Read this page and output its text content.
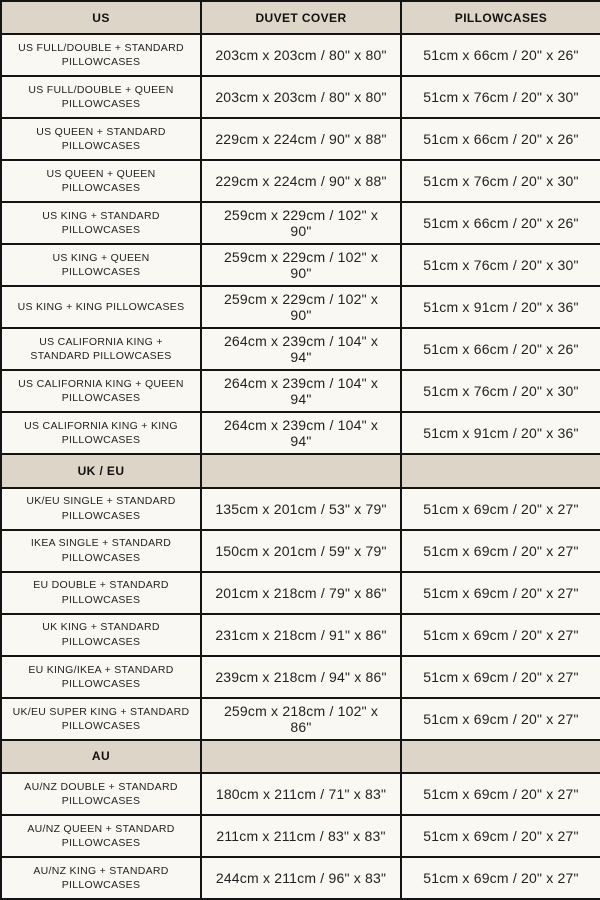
US	DUVET COVER	PILLOWCASES
US FULL/DOUBLE + STANDARD PILLOWCASES	203cm x 203cm / 80" x 80"	51cm x 66cm / 20" x 26"
US FULL/DOUBLE + QUEEN PILLOWCASES	203cm x 203cm / 80" x 80"	51cm x 76cm / 20" x 30"
US QUEEN + STANDARD PILLOWCASES	229cm x 224cm / 90" x 88"	51cm x 66cm / 20" x 26"
US QUEEN + QUEEN PILLOWCASES	229cm x 224cm / 90" x 88"	51cm x 76cm / 20" x 30"
US KING + STANDARD PILLOWCASES	259cm x 229cm / 102" x 90"	51cm x 66cm / 20" x 26"
US KING + QUEEN PILLOWCASES	259cm x 229cm / 102" x 90"	51cm x 76cm / 20" x 30"
US KING + KING PILLOWCASES	259cm x 229cm / 102" x 90"	51cm x 91cm / 20" x 36"
US CALIFORNIA KING + STANDARD PILLOWCASES	264cm x 239cm / 104" x 94"	51cm x 66cm / 20" x 26"
US CALIFORNIA KING + QUEEN PILLOWCASES	264cm x 239cm / 104" x 94"	51cm x 76cm / 20" x 30"
US CALIFORNIA KING + KING PILLOWCASES	264cm x 239cm / 104" x 94"	51cm x 91cm / 20" x 36"
UK / EU		
UK/EU SINGLE + STANDARD PILLOWCASES	135cm x 201cm / 53" x 79"	51cm x 69cm / 20" x 27"
IKEA SINGLE + STANDARD PILLOWCASES	150cm x 201cm / 59" x 79"	51cm x 69cm / 20" x 27"
EU DOUBLE + STANDARD PILLOWCASES	201cm x 218cm / 79" x 86"	51cm x 69cm / 20" x 27"
UK KING + STANDARD PILLOWCASES	231cm x 218cm / 91" x 86"	51cm x 69cm / 20" x 27"
EU KING/IKEA + STANDARD PILLOWCASES	239cm x 218cm / 94" x 86"	51cm x 69cm / 20" x 27"
UK/EU SUPER KING + STANDARD PILLOWCASES	259cm x 218cm / 102" x 86"	51cm x 69cm / 20" x 27"
AU		
AU/NZ DOUBLE + STANDARD PILLOWCASES	180cm x 211cm / 71" x 83"	51cm x 69cm / 20" x 27"
AU/NZ QUEEN + STANDARD PILLOWCASES	211cm x 211cm / 83" x 83"	51cm x 69cm / 20" x 27"
AU/NZ KING + STANDARD PILLOWCASES	244cm x 211cm / 96" x 83"	51cm x 69cm / 20" x 27"
